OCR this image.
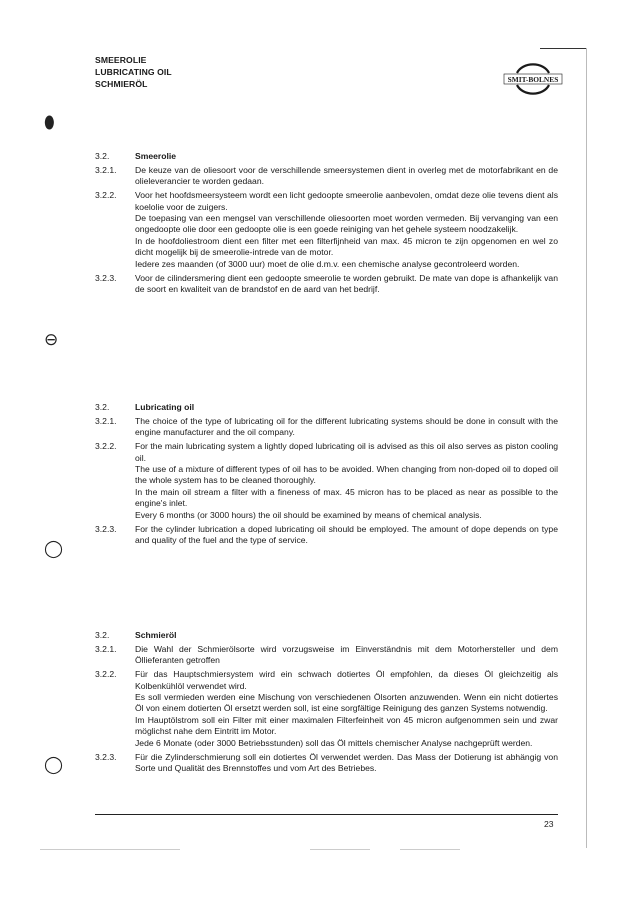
SMEEROLIE
LUBRICATING OIL
SCHMIERÖL	SMIT-BOLNES
⬮
⊖
◯
◯
3.2.	Smeerolie
3.2.1.	De keuze van de oliesoort voor de verschillende smeersystemen dient in overleg met de motorfabrikant en de olieleverancier te worden gedaan.
3.2.2.	Voor het hoofdsmeersysteem wordt een licht gedoopte smeerolie aanbevolen, omdat deze olie tevens dient als koelolie voor de zuigers.
De toepasing van een mengsel van verschillende oliesoorten moet worden vermeden. Bij vervanging van een ongedoopte olie door een gedoopte olie is een goede reiniging van het gehele systeem noodzakelijk.
In de hoofdoliestroom dient een filter met een filterfijnheid van max. 45 micron te zijn opgenomen en wel zo dicht mogelijk bij de smeerolie-intrede van de motor.
Iedere zes maanden (of 3000 uur) moet de olie d.m.v. een chemische analyse gecontroleerd worden.
3.2.3.	Voor de cilindersmering dient een gedoopte smeerolie te worden gebruikt. De mate van dope is afhankelijk van de soort en kwaliteit van de brandstof en de aard van het bedrijf.
3.2.	Lubricating oil
3.2.1.	The choice of the type of lubricating oil for the different lubricating systems should be done in consult with the engine manufacturer and the oil company.
3.2.2.	For the main lubricating system a lightly doped lubricating oil is advised as this oil also serves as piston cooling oil.
The use of a mixture of different types of oil has to be avoided. When changing from non-doped oil to doped oil the whole system has to be cleaned thoroughly.
In the main oil stream a filter with a fineness of max. 45 micron has to be placed as near as possible to the engine's inlet.
Every 6 months (or 3000 hours) the oil should be examined by means of chemical analysis.
3.2.3.	For the cylinder lubrication a doped lubricating oil should be employed. The amount of dope depends on type and quality of the fuel and the type of service.
3.2.	Schmieröl
3.2.1.	Die Wahl der Schmierölsorte wird vorzugsweise im Einverständnis mit dem Motorhersteller und dem Öllieferanten getroffen
3.2.2.	Für das Hauptschmiersystem wird ein schwach dotiertes Öl empfohlen, da dieses Öl gleichzeitig als Kolbenkühlöl verwendet wird.
Es soll vermieden werden eine Mischung von verschiedenen Ölsorten anzuwenden. Wenn ein nicht dotiertes Öl von einem dotierten Öl ersetzt werden soll, ist eine sorgfältige Reinigung des ganzen Systems notwendig.
Im Hauptölstrom soll ein Filter mit einer maximalen Filterfeinheit von 45 micron aufgenommen sein und zwar möglichst nahe dem Eintritt im Motor.
Jede 6 Monate (oder 3000 Betriebsstunden) soll das Öl mittels chemischer Analyse nachgeprüft werden.
3.2.3.	Für die Zylinderschmierung soll ein dotiertes Öl verwendet werden. Das Mass der Dotierung ist abhängig von Sorte und Qualität des Brennstoffes und vom Art des Betriebes.
23
